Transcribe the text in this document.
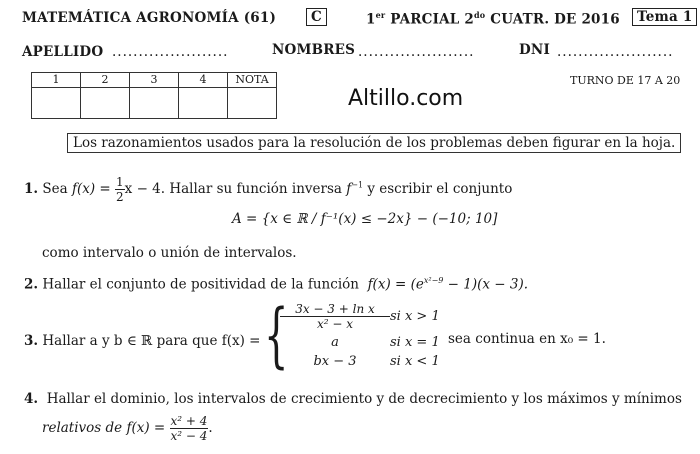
MATEMÁTICA AGRONOMÍA (61)	C	1er PARCIAL $2^{do}$ CUATR. DE 2016	Tema 1
APELLIDO ......................	NOMBRES ......................	DNI ......................
1	2	3	4	NOTA
					TURNO DE 17 A 20
Altillo.com
Los razonamientos usados para la resolución de los problemas deben figurar en la hoja.
1. Sea $f(x) = \frac{1}{2}$ x − 4. Hallar su función inversa $f^{-1}$ y escribir el conjunto
A = {x ∈ ℝ / f⁻¹(x) ≤ −2x} − (−10; 10]
como intervalo o unión de intervalos.
2. Hallar el conjunto de positividad de la función $f(x) = (e^{x^2-9} - 1)(x - 3)$.
3. Hallar a y b ∈ ℝ para que f(x) = {
$\frac{\text{3x − 3 + ln x}}{\text{x² − x}}$ si x > 1
a	si x = 1
bx − 3	si x < 1
sea continua en x₀ = 1.
4. Hallar el dominio, los intervalos de crecimiento y de decrecimiento y los máximos y mínimos
relativos de $f(x) = \frac{\text{x² + 4}}{\text{x² − 4}}$ .
